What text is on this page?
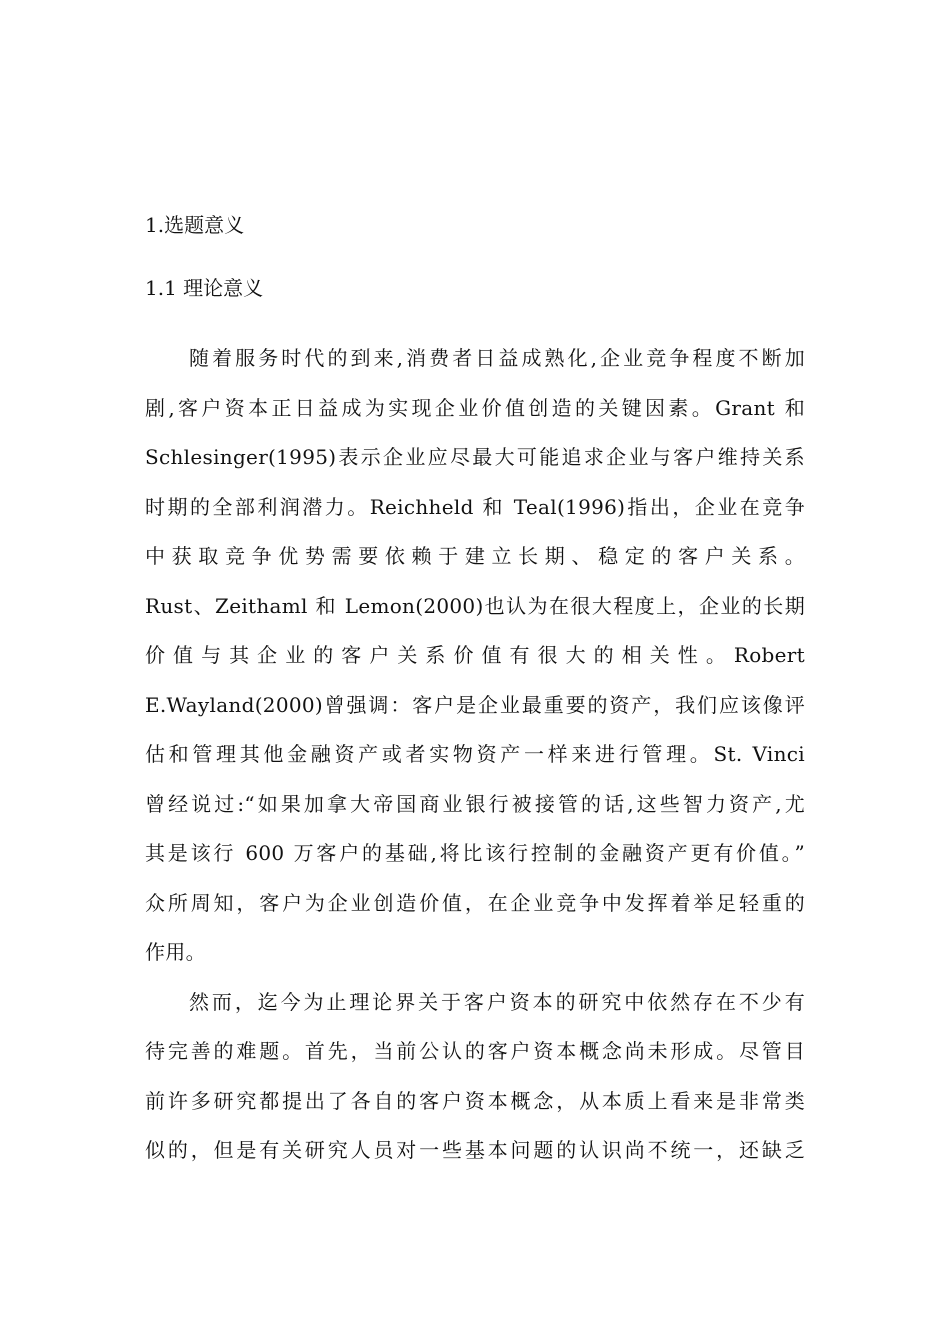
1.选题意义
1.1 理论意义
随着服务时代的到来,消费者日益成熟化,企业竞争程度不断加
剧,客户资本正日益成为实现企业价值创造的关键因素。Grant 和
Schlesinger(1995)表示企业应尽最大可能追求企业与客户维持关系
时期的全部利润潜力。Reichheld 和 Teal(1996)指出，企业在竞争
中获取竞争优势需要依赖于建立长期、稳定的客户关系。
Rust、Zeithaml 和 Lemon(2000)也认为在很大程度上，企业的长期
价值与其企业的客户关系价值有很大的相关性。Robert
E.Wayland(2000)曾强调：客户是企业最重要的资产，我们应该像评
估和管理其他金融资产或者实物资产一样来进行管理。St. Vinci
曾经说过:“如果加拿大帝国商业银行被接管的话,这些智力资产,尤
其是该行 600 万客户的基础,将比该行控制的金融资产更有价值。”
众所周知，客户为企业创造价值，在企业竞争中发挥着举足轻重的
作用。
然而，迄今为止理论界关于客户资本的研究中依然存在不少有
待完善的难题。首先，当前公认的客户资本概念尚未形成。尽管目
前许多研究都提出了各自的客户资本概念，从本质上看来是非常类
似的，但是有关研究人员对一些基本问题的认识尚不统一，还缺乏
